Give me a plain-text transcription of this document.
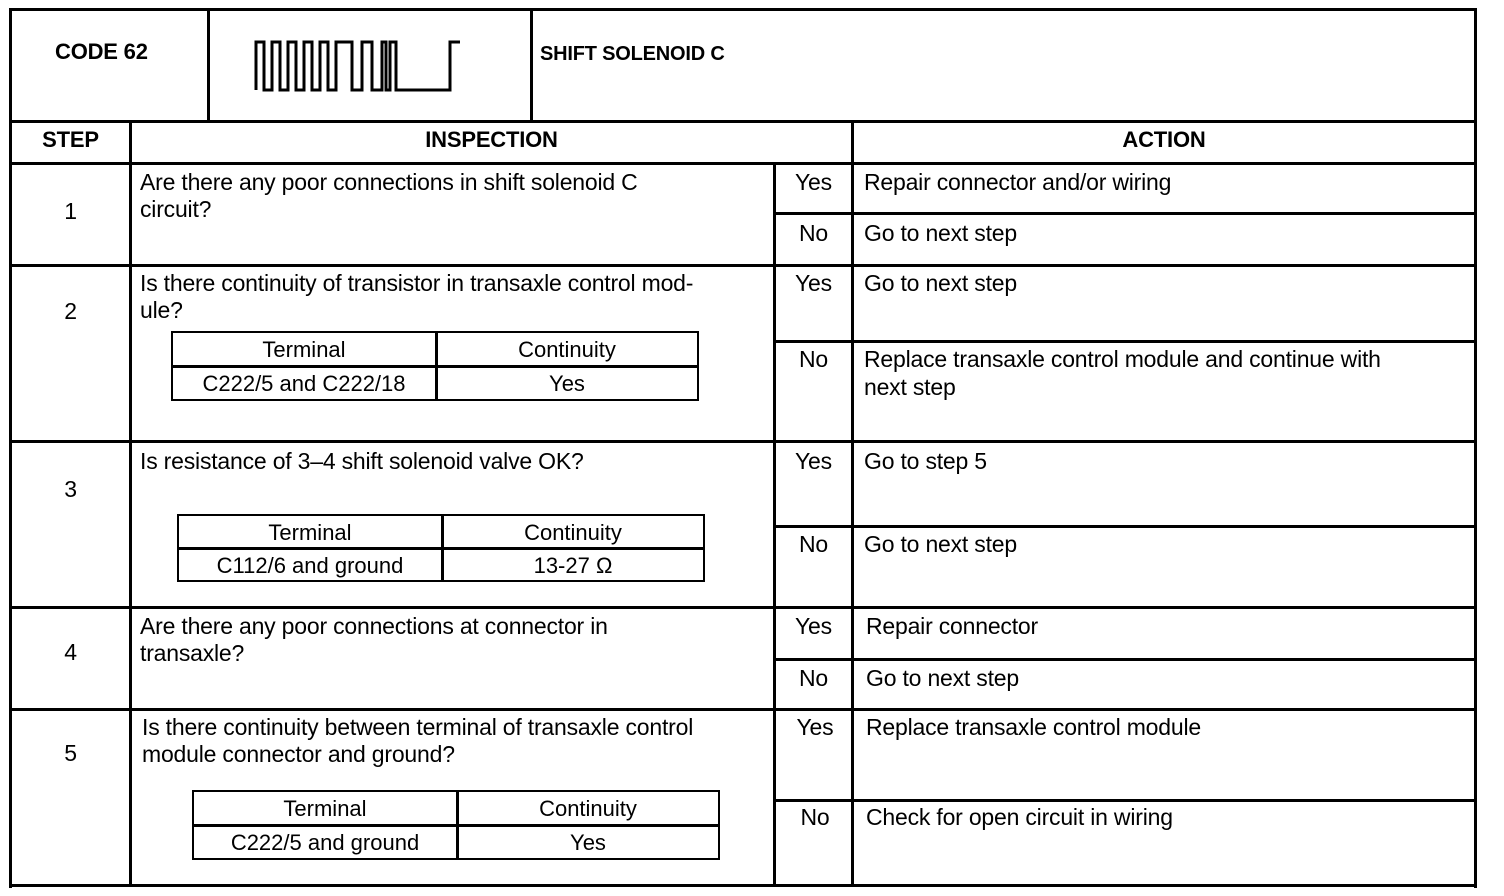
CODE 62	SHIFT SOLENOID C
STEP	INSPECTION	ACTION
1
Are there any poor connections in shift solenoid C
circuit?
Yes	Repair connector and/or wiring
No	Go to next step
2
Is there continuity of transistor in transaxle control mod-
ule?
Terminal	Continuity
C222/5 and C222/18	Yes
Yes	Go to next step
No	Replace transaxle control module and continue with
next step
3
Is resistance of 3–4 shift solenoid valve OK?
Terminal	Continuity
C112/6 and ground	13-27 Ω
Yes	Go to step 5
No	Go to next step
4
Are there any poor connections at connector in
transaxle?
Yes	Repair connector
No	Go to next step
5
Is there continuity between terminal of transaxle control
module connector and ground?
Terminal	Continuity
C222/5 and ground	Yes
Yes	Replace transaxle control module
No	Check for open circuit in wiring
